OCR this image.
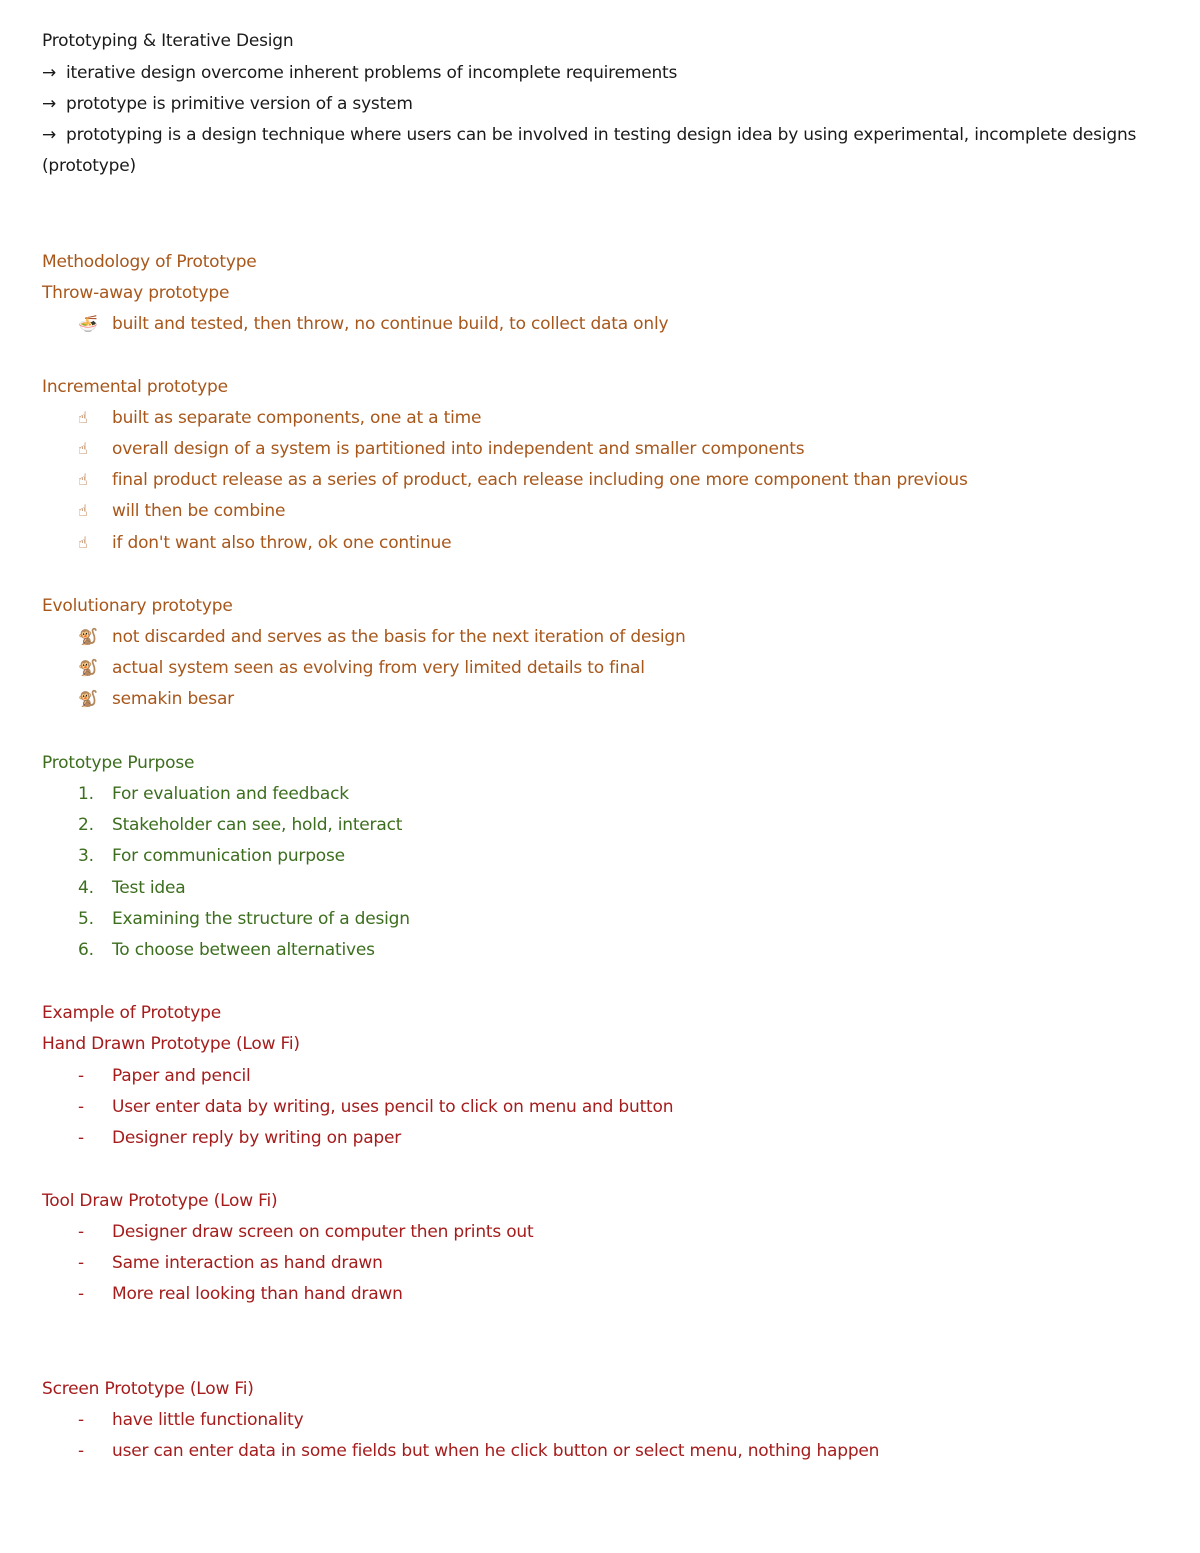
Prototyping & Iterative Design
→ iterative design overcome inherent problems of incomplete requirements
→ prototype is primitive version of a system
→ prototyping is a design technique where users can be involved in testing design idea by using experimental, incomplete designs (prototype)
Methodology of Prototype
Throw-away prototype
🍜 built and tested, then throw, no continue build, to collect data only
Incremental prototype
☝	built as separate components, one at a time
☝	overall design of a system is partitioned into independent and smaller components
☝	final product release as a series of product, each release including one more component than previous
☝	will then be combine
☝	if don't want also throw, ok one continue
Evolutionary prototype
🐒 not discarded and serves as the basis for the next iteration of design
🐒 actual system seen as evolving from very limited details to final
🐒 semakin besar
Prototype Purpose
1.	For evaluation and feedback
2.	Stakeholder can see, hold, interact
3.	For communication purpose
4.	Test idea
5.	Examining the structure of a design
6.	To choose between alternatives
Example of Prototype
Hand Drawn Prototype (Low Fi)
-	Paper and pencil
-	User enter data by writing, uses pencil to click on menu and button
-	Designer reply by writing on paper
Tool Draw Prototype (Low Fi)
-	Designer draw screen on computer then prints out
-	Same interaction as hand drawn
-	More real looking than hand drawn
Screen Prototype (Low Fi)
-	have little functionality
-	user can enter data in some fields but when he click button or select menu, nothing happen
